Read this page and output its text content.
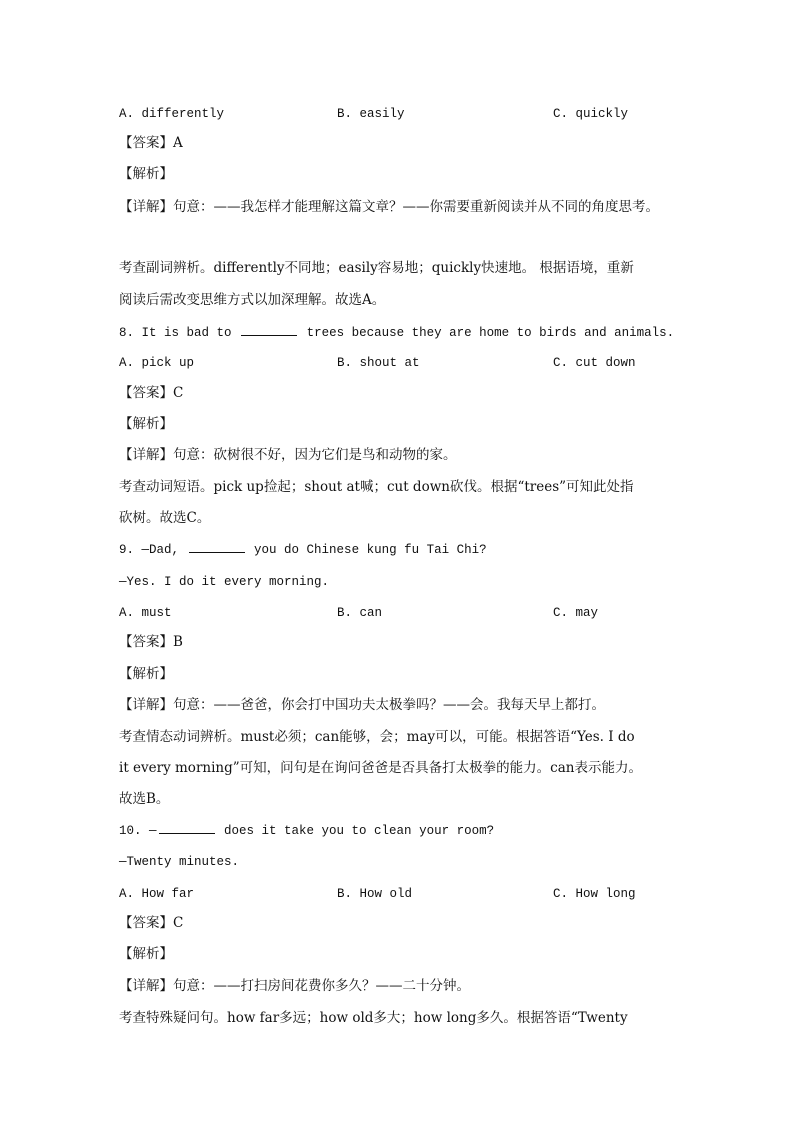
A. differently	B. easily	C. quickly
【答案】A
【解析】
【详解】句意：——我怎样才能理解这篇文章？——你需要重新阅读并从不同的角度思考。
考查副词辨析。differently不同地；easily容易地；quickly快速地。 根据语境，重新
阅读后需改变思维方式以加深理解。故选A。
8. It is bad to	trees because they are home to birds and animals.
A. pick up	B. shout at	C. cut down
【答案】C
【解析】
【详解】句意：砍树很不好，因为它们是鸟和动物的家。
考查动词短语。pick up捡起；shout at喊；cut down砍伐。根据“trees”可知此处指
砍树。故选C。
9. —Dad,	you do Chinese kung fu Tai Chi?
—Yes. I do it every morning.
A. must	B. can	C. may
【答案】B
【解析】
【详解】句意：——爸爸，你会打中国功夫太极拳吗？——会。我每天早上都打。
考查情态动词辨析。must必须；can能够，会；may可以，可能。根据答语“Yes. I do
it every morning”可知，问句是在询问爸爸是否具备打太极拳的能力。can表示能力。
故选B。
10. —	does it take you to clean your room?
—Twenty minutes.
A. How far	B. How old	C. How long
【答案】C
【解析】
【详解】句意：——打扫房间花费你多久？——二十分钟。
考查特殊疑问句。how far多远；how old多大；how long多久。根据答语“Twenty
